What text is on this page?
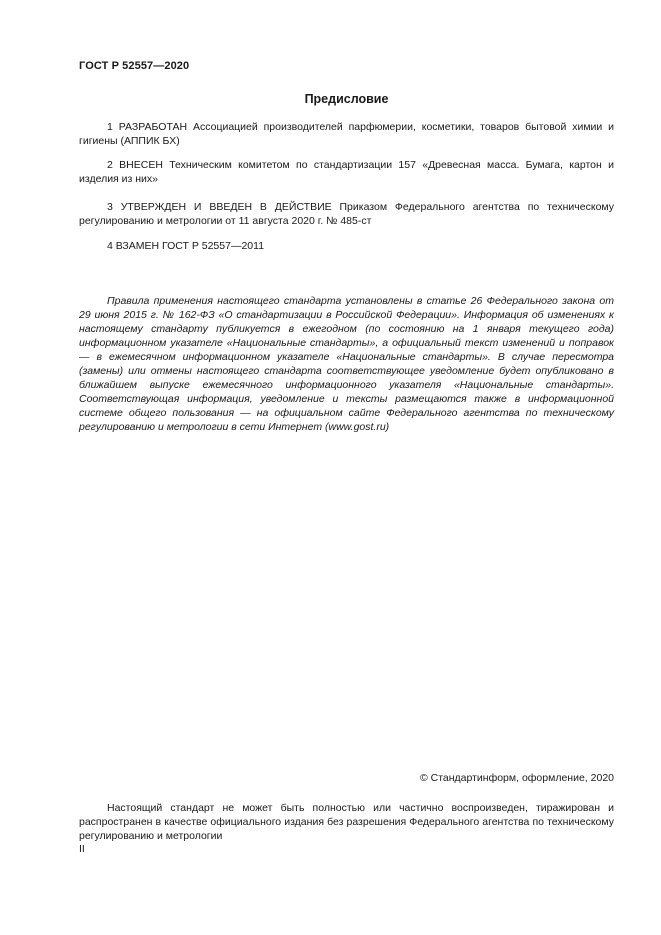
ГОСТ Р 52557—2020
Предисловие

1 РАЗРАБОТАН Ассоциацией производителей парфюмерии, косметики, товаров бытовой химии и гигиены (АППИК БХ)

2 ВНЕСЕН Техническим комитетом по стандартизации 157 «Древесная масса. Бумага, картон и изделия из них»

3 УТВЕРЖДЕН И ВВЕДЕН В ДЕЙСТВИЕ Приказом Федерального агентства по техническому регулированию и метрологии от 11 августа 2020 г. № 485-ст

4 ВЗАМЕН ГОСТ Р 52557—2011

Правила применения настоящего стандарта установлены в статье 26 Федерального закона от 29 июня 2015 г. № 162-ФЗ «О стандартизации в Российской Федерации». Информация об изменениях к настоящему стандарту публикуется в ежегодном (по состоянию на 1 января текущего года) информационном указателе «Национальные стандарты», а официальный текст изменений и поправок — в ежемесячном информационном указателе «Национальные стандарты». В случае пересмотра (замены) или отмены настоящего стандарта соответствующее уведомление будет опубликовано в ближайшем выпуске ежемесячного информационного указателя «Национальные стандарты». Соответствующая информация, уведомление и тексты размещаются также в информационной системе общего пользования — на официальном сайте Федерального агентства по техническому регулированию и метрологии в сети Интернет (www.gost.ru)

© Стандартинформ, оформление, 2020

Настоящий стандарт не может быть полностью или частично воспроизведен, тиражирован и распространен в качестве официального издания без разрешения Федерального агентства по техническому регулированию и метрологии

II
